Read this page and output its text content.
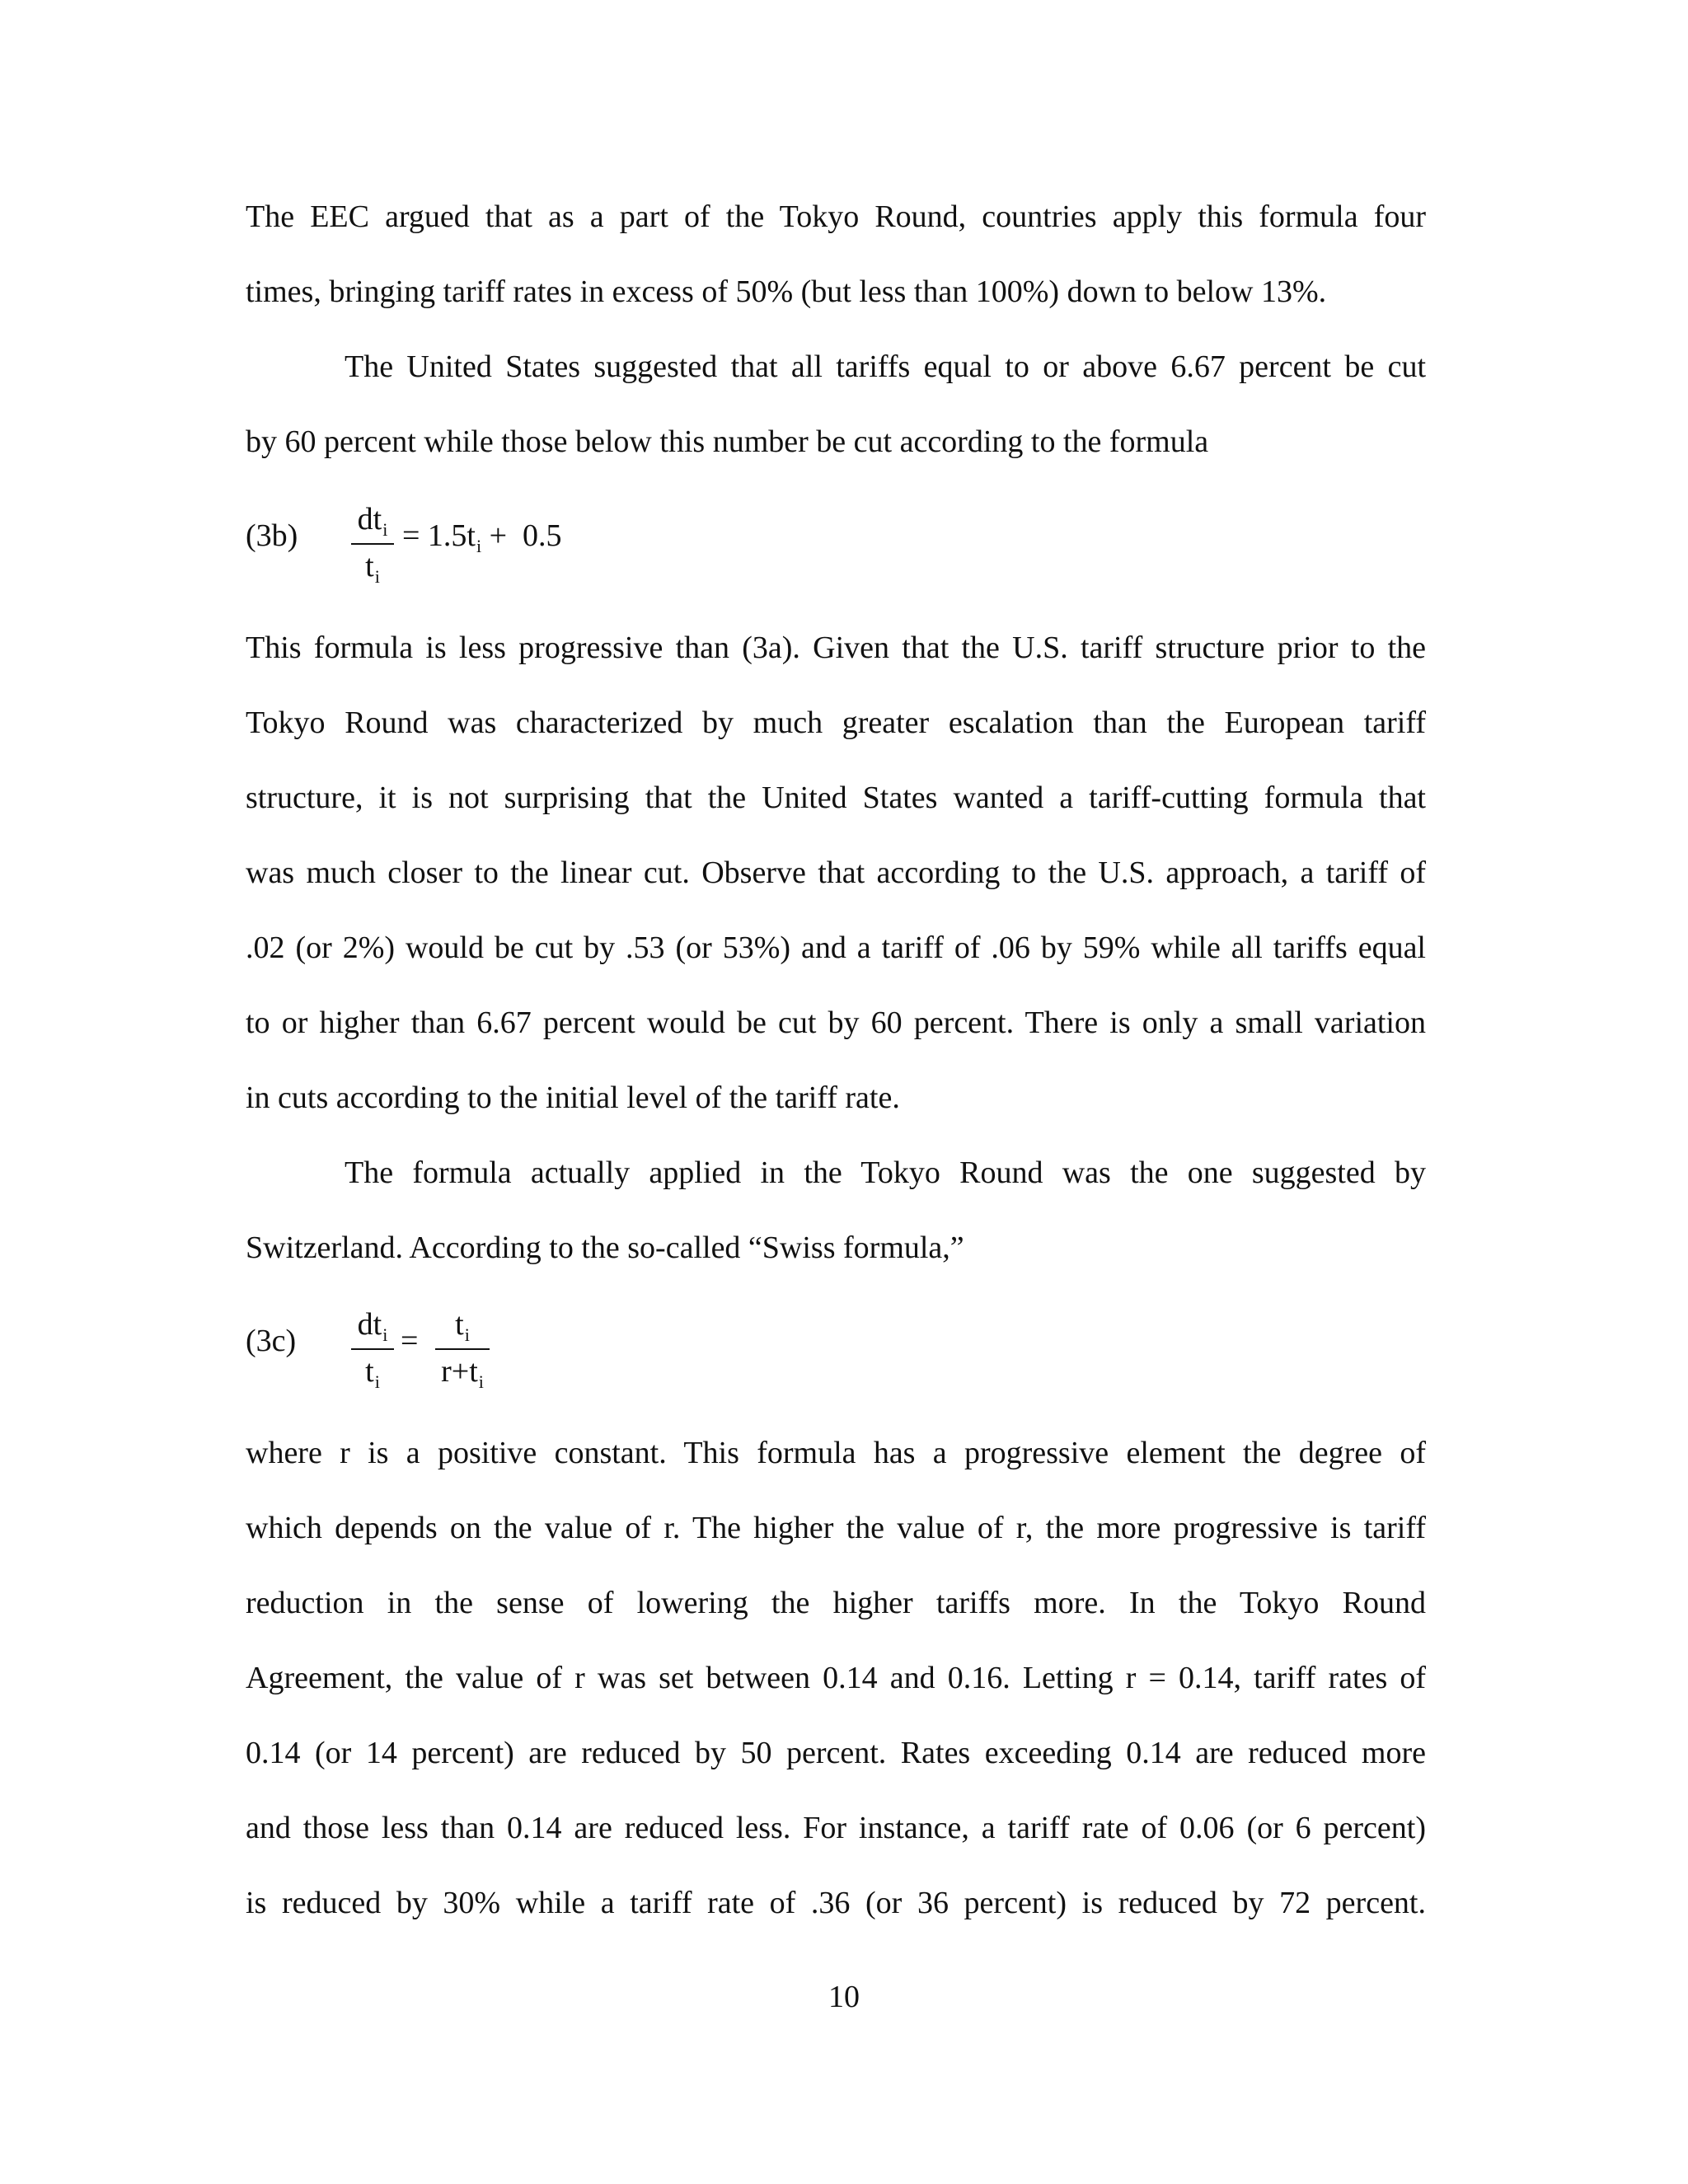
The EEC argued that as a part of the Tokyo Round, countries apply this formula four
times, bringing tariff rates in excess of 50% (but less than 100%) down to below 13%.
The United States suggested that all tariffs equal to or above 6.67 percent be cut
by 60 percent while those below this number be cut according to the formula
(3b) $dt_i$
$t_i$
= $1.5t_i + 0.5$
This formula is less progressive than (3a). Given that the U.S. tariff structure prior to the
Tokyo Round was characterized by much greater escalation than the European tariff
structure, it is not surprising that the United States wanted a tariff-cutting formula that
was much closer to the linear cut. Observe that according to the U.S. approach, a tariff of
.02 (or 2%) would be cut by .53 (or 53%) and a tariff of .06 by 59% while all tariffs equal
to or higher than 6.67 percent would be cut by 60 percent. There is only a small variation
in cuts according to the initial level of the tariff rate.
The formula actually applied in the Tokyo Round was the one suggested by
Switzerland. According to the so-called “Swiss formula,”
(3c) $dt_i$
$t_i$
=	$t_i$
$r+t_i$
where r is a positive constant. This formula has a progressive element the degree of
which depends on the value of r. The higher the value of r, the more progressive is tariff
reduction in the sense of lowering the higher tariffs more. In the Tokyo Round
Agreement, the value of r was set between 0.14 and 0.16. Letting r = 0.14, tariff rates of
0.14 (or 14 percent) are reduced by 50 percent. Rates exceeding 0.14 are reduced more
and those less than 0.14 are reduced less. For instance, a tariff rate of 0.06 (or 6 percent)
is reduced by 30% while a tariff rate of .36 (or 36 percent) is reduced by 72 percent.
10
